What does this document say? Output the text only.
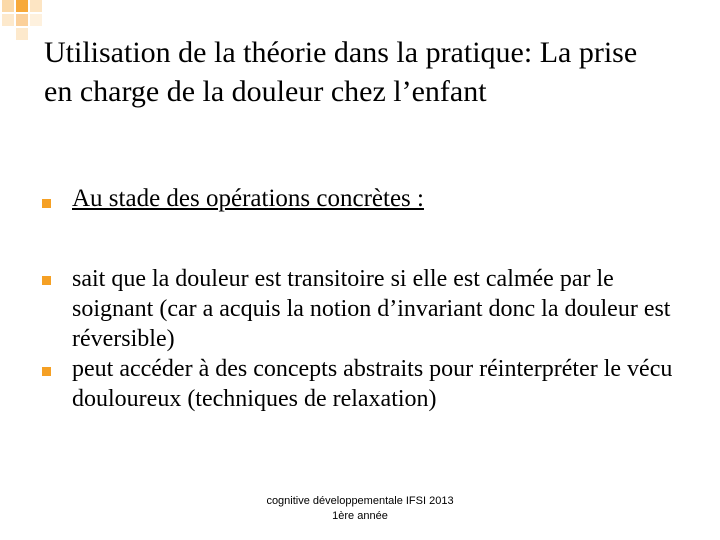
Utilisation de la théorie dans la pratique: La prise en charge de la douleur chez l’enfant
Au stade des opérations concrètes :
sait que la douleur est transitoire si elle est calmée par le soignant (car a acquis la notion d’invariant donc la douleur est réversible)
peut accéder à des concepts abstraits pour réinterpréter le vécu douloureux (techniques de relaxation)
cognitive développementale IFSI 2013
1ère année
